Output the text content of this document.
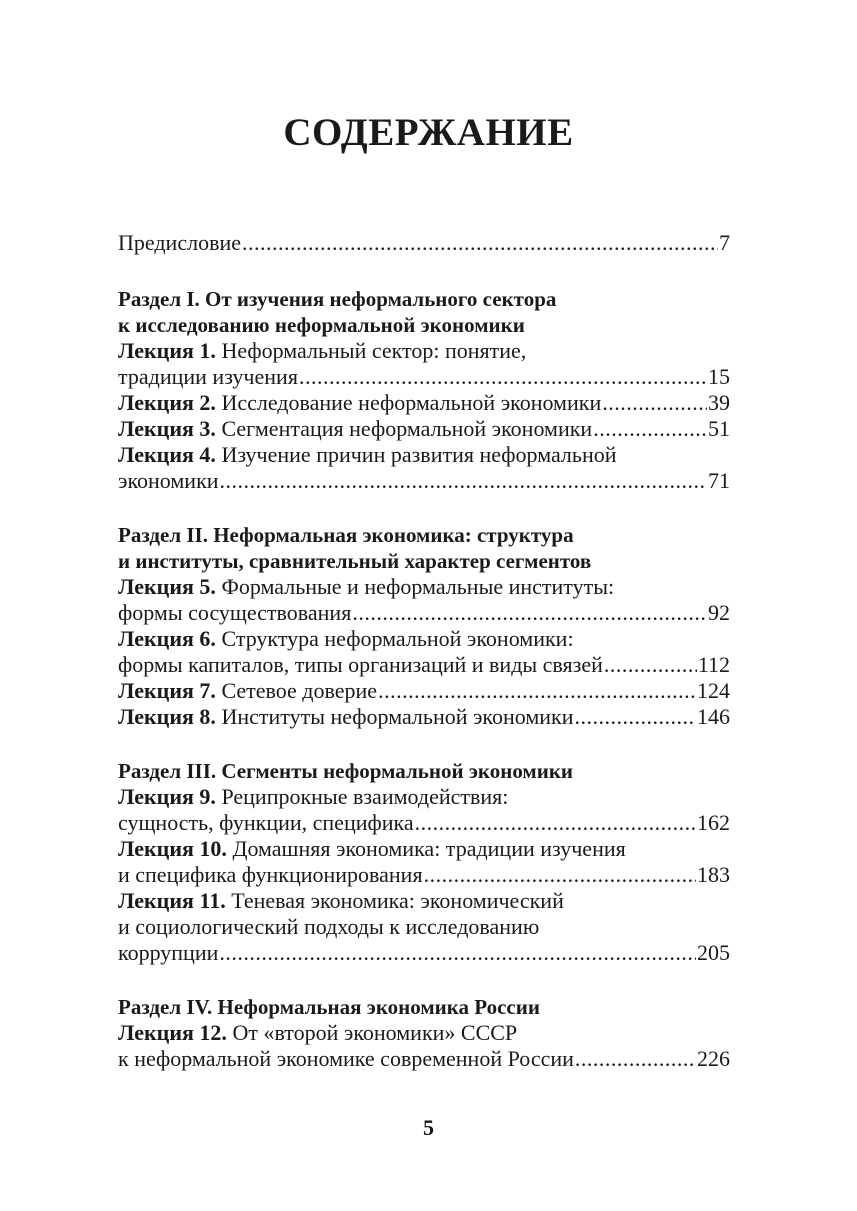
СОДЕРЖАНИЕ
Предисловие .....	7
Раздел I. От изучения неформального сектора
к исследованию неформальной экономики
Лекция 1. Неформальный сектор: понятие,
традиции изучения .....	15
Лекция 2. Исследование неформальной экономики .....	39
Лекция 3. Сегментация неформальной экономики .....	51
Лекция 4. Изучение причин развития неформальной
экономики .....	71
Раздел II. Неформальная экономика: структура
и институты, сравнительный характер сегментов
Лекция 5. Формальные и неформальные институты:
формы сосуществования .....	92
Лекция 6. Структура неформальной экономики:
формы капиталов, типы организаций и виды связей .....	112
Лекция 7. Сетевое доверие .....	124
Лекция 8. Институты неформальной экономики .....	146
Раздел III. Сегменты неформальной экономики
Лекция 9. Реципрокные взаимодействия:
сущность, функции, специфика .....	162
Лекция 10. Домашняя экономика: традиции изучения
и специфика функционирования .....	183
Лекция 11. Теневая экономика: экономический
и социологический подходы к исследованию
коррупции .....	205
Раздел IV. Неформальная экономика России
Лекция 12. От «второй экономики» СССР
к неформальной экономике современной России .....	226
5
